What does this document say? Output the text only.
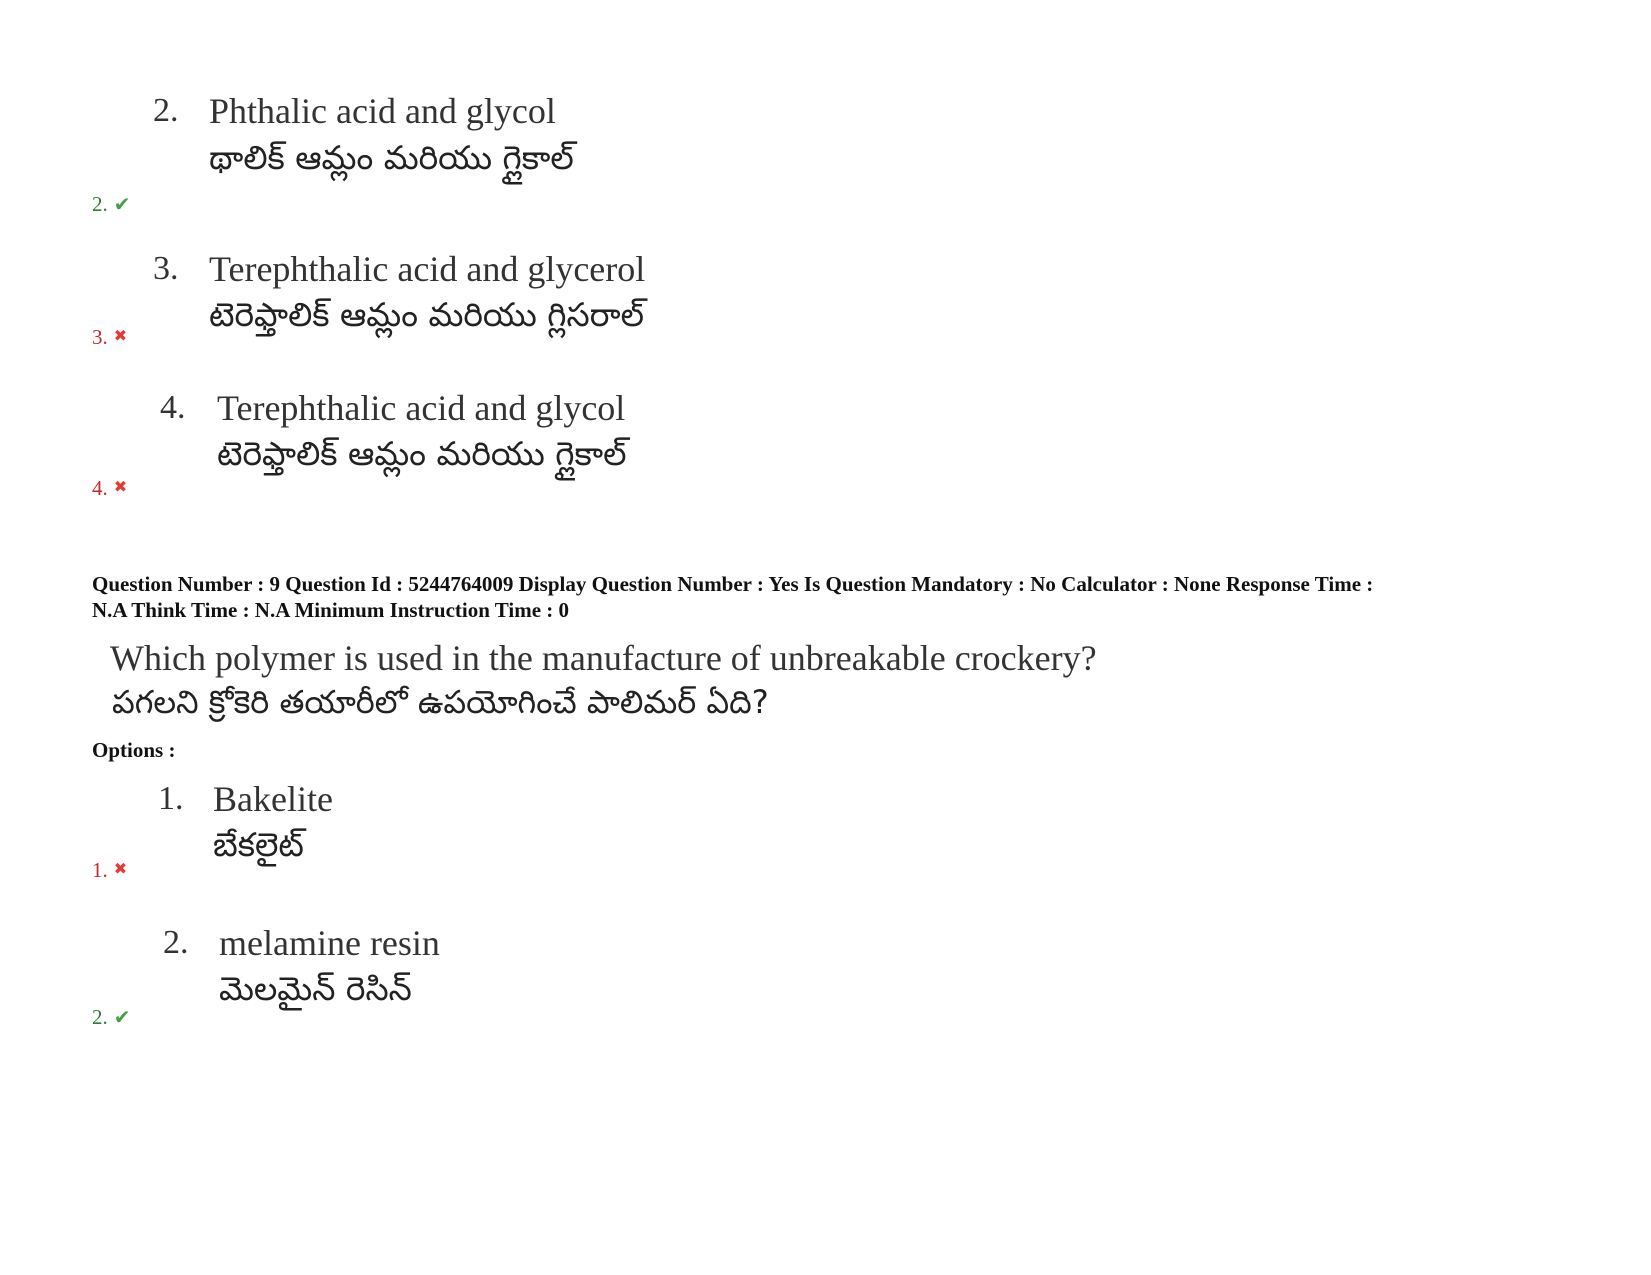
2. Phthalic acid and glycol
థాలిక్ ఆమ్లం మరియు గ్లైకాల్
2. ✔
3. Terephthalic acid and glycerol
టెరెఫ్తాలిక్ ఆమ్లం మరియు గ్లిసరాల్
3. ✖
4. Terephthalic acid and glycol
టెరెఫ్తాలిక్ ఆమ్లం మరియు గ్లైకాల్
4. ✖
Question Number : 9 Question Id : 5244764009 Display Question Number : Yes Is Question Mandatory : No Calculator : None Response Time :
N.A Think Time : N.A Minimum Instruction Time : 0
Which polymer is used in the manufacture of unbreakable crockery?
పగలని క్రోకెరి తయారీలో ఉపయోగించే పాలిమర్ ఏది?
Options :
1. Bakelite
బేకలైట్
1. ✖
2. melamine resin
మెలమైన్ రెసిన్
2. ✔
